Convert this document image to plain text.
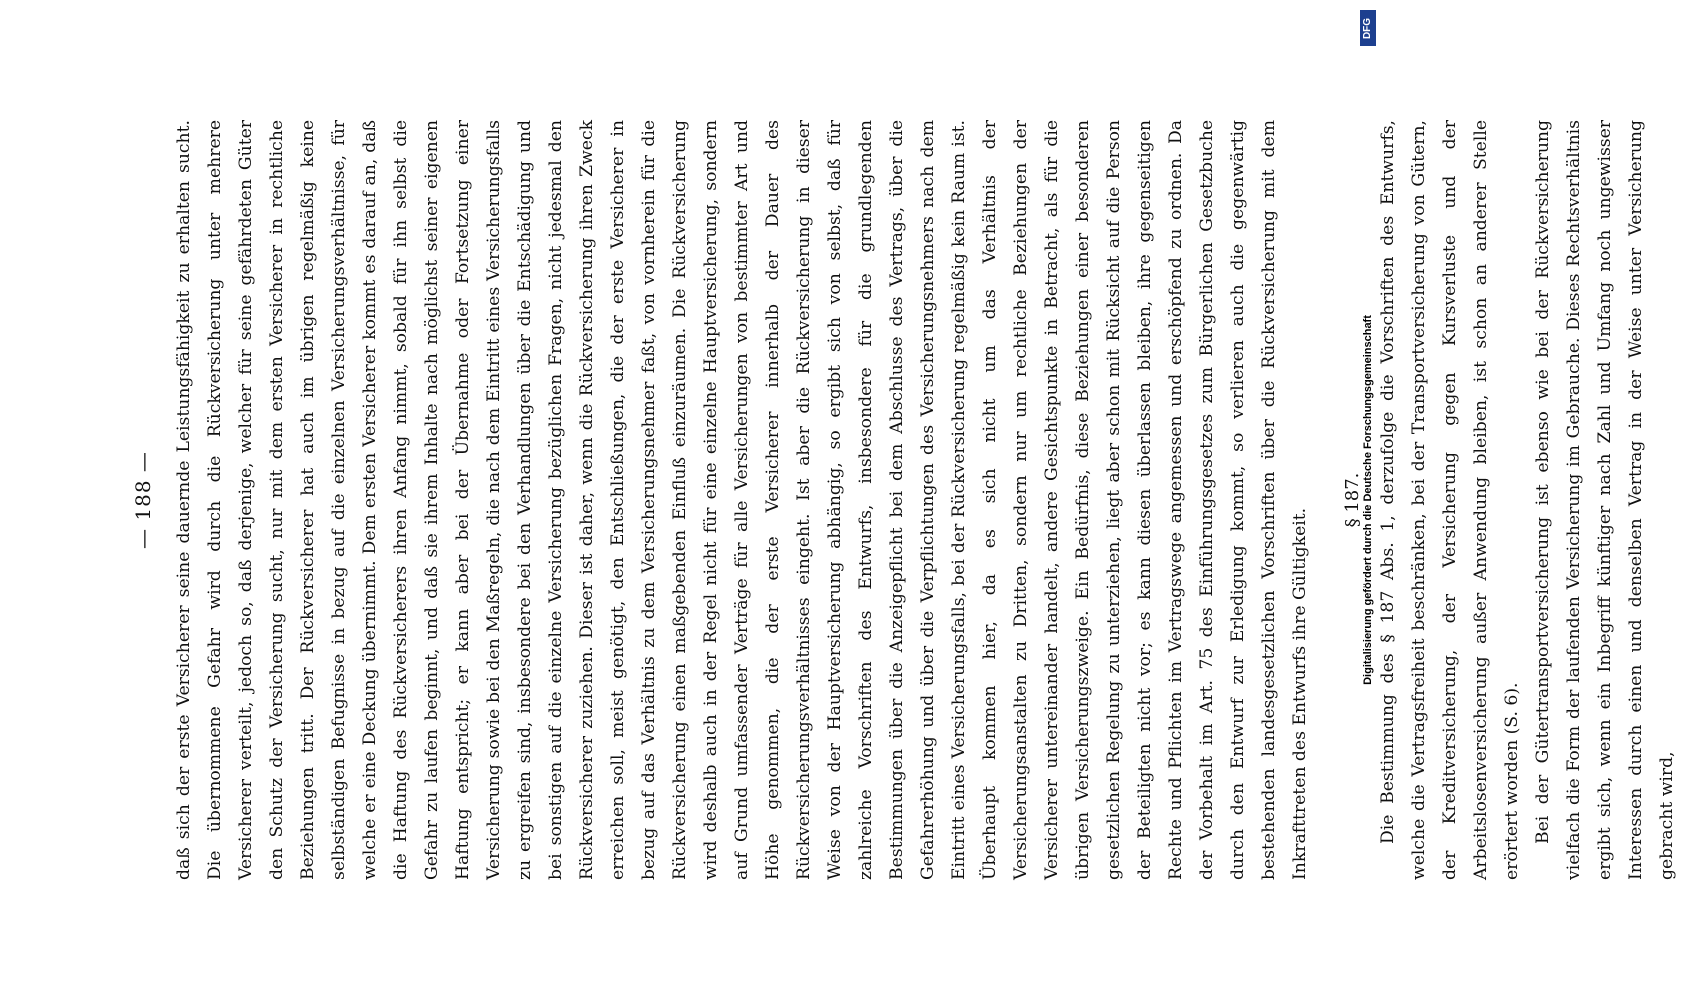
— 188 — daß sich der erste Versicherer seine dauernde Leistungsfähigkeit zu erhalten sucht. Die übernommene Gefahr wird durch die Rückversicherung unter mehrere Versicherer verteilt, jedoch so, daß derjenige, welcher für seine gefährdeten Güter den Schutz der Versicherung sucht, nur mit dem ersten Versicherer in rechtliche Beziehungen tritt. Der Rückversicherer hat auch im übrigen regelmäßig keine selbständigen Befugnisse in bezug auf die einzelnen Versicherungsverhältnisse, für welche er eine Deckung übernimmt. Dem ersten Versicherer kommt es darauf an, daß die Haftung des Rückversicherers ihren Anfang nimmt, sobald für ihn selbst die Gefahr zu laufen beginnt, und daß sie ihrem Inhalte nach möglichst seiner eigenen Haftung entspricht; er kann aber bei der Übernahme oder Fortsetzung einer Versicherung sowie bei den Maßregeln, die nach dem Eintritt eines Versicherungsfalls zu ergreifen sind, insbesondere bei den Verhandlungen über die Entschädigung und bei sonstigen auf die einzelne Versicherung bezüglichen Fragen, nicht jedesmal den Rückversicherer zuziehen. Dieser ist daher, wenn die Rückversicherung ihren Zweck erreichen soll, meist genötigt, den Entschließungen, die der erste Versicherer in bezug auf das Verhältnis zu dem Versicherungsnehmer faßt, von vornherein für die Rückversicherung einen maßgebenden Einfluß einzuräumen. Die Rückversicherung wird deshalb auch in der Regel nicht für eine einzelne Hauptversicherung, sondern auf Grund umfassender Verträge für alle Versicherungen von bestimmter Art und Höhe genommen, die der erste Versicherer innerhalb der Dauer des Rückversicherungsverhältnisses eingeht. Ist aber die Rückversicherung in dieser Weise von der Hauptversicherung abhängig, so ergibt sich von selbst, daß für zahlreiche Vorschriften des Entwurfs, insbesondere für die grundlegenden Bestimmungen über die Anzeigepflicht bei dem Abschlusse des Vertrags, über die Gefahrerhöhung und über die Verpflichtungen des Versicherungsnehmers nach dem Eintritt eines Versicherungsfalls, bei der Rückversicherung regelmäßig kein Raum ist. Überhaupt kommen hier, da es sich nicht um das Verhältnis der Versicherungsanstalten zu Dritten, sondern nur um rechtliche Beziehungen der Versicherer untereinander handelt, andere Gesichtspunkte in Betracht, als für die übrigen Versicherungszweige. Ein Bedürfnis, diese Beziehungen einer besonderen gesetzlichen Regelung zu unterziehen, liegt aber schon mit Rücksicht auf die Person der Beteiligten nicht vor; es kann diesen überlassen bleiben, ihre gegenseitigen Rechte und Pflichten im Vertragswege angemessen und erschöpfend zu ordnen. Da der Vorbehalt im Art. 75 des Einführungsgesetzes zum Bürgerlichen Gesetzbuche durch den Entwurf zur Erledigung kommt, so verlieren auch die gegenwärtig bestehenden landesgesetzlichen Vorschriften über die Rückversicherung mit dem Inkrafttreten des Entwurfs ihre Gültigkeit.

§ 187. Die Bestimmung des § 187 Abs. 1, derzufolge die Vorschriften des Entwurfs, welche die Vertragsfreiheit beschränken, bei der Transportversicherung von Gütern, der Kreditversicherung, der Versicherung gegen Kursverluste und der Arbeitslosenversicherung außer Anwendung bleiben, ist schon an anderer Stelle erörtert worden (S. 6). Bei der Gütertransportversicherung ist ebenso wie bei der Rückversicherung vielfach die Form der laufenden Versicherung im Gebrauche. Dieses Rechtsverhältnis ergibt sich, wenn ein Inbegriff künftiger nach Zahl und Umfang noch ungewisser Interessen durch einen und denselben Vertrag in der Weise unter Versicherung gebracht wird,

DFG
Digitalisierung gefördert durch die Deutsche Forschungsgemeinschaft
